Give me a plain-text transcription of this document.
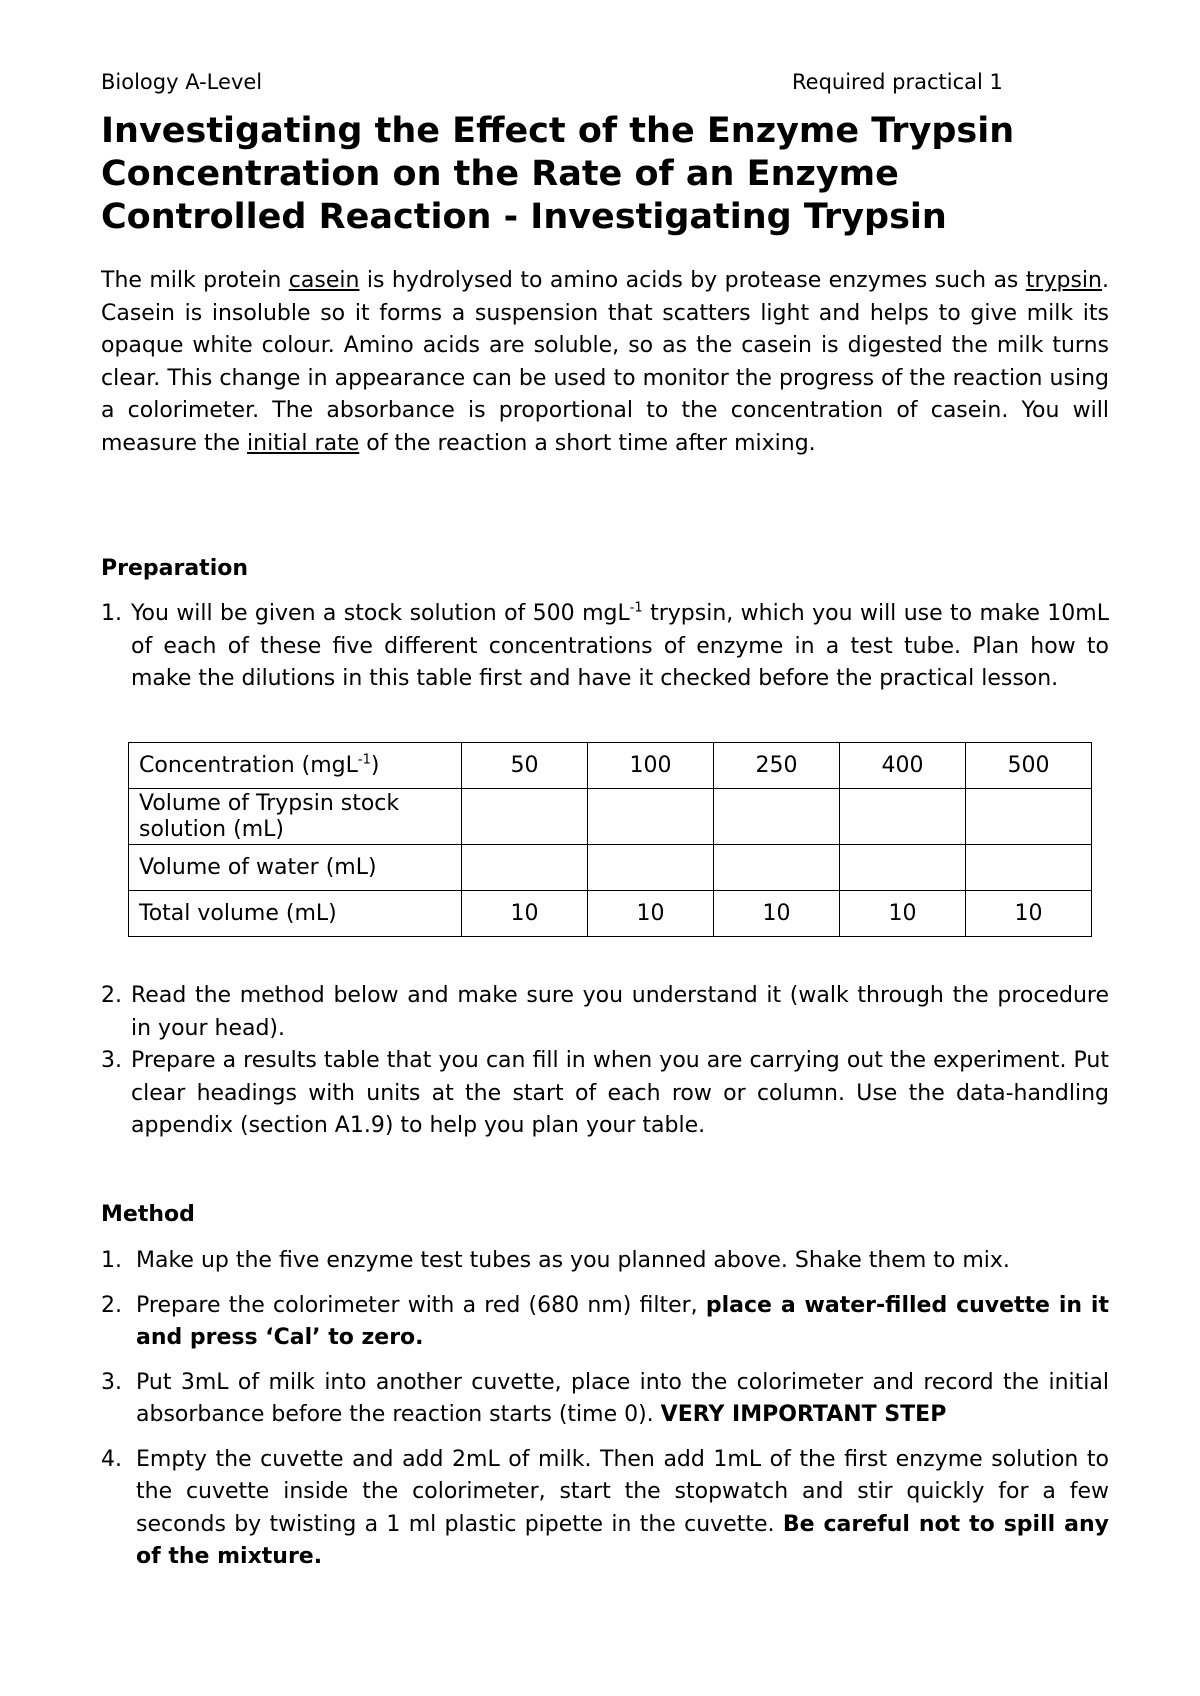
Biology A-Level	Required practical 1
Investigating the Effect of the Enzyme Trypsin Concentration on the Rate of an Enzyme Controlled Reaction - Investigating Trypsin

The milk protein casein is hydrolysed to amino acids by protease enzymes such as trypsin. Casein is insoluble so it forms a suspension that scatters light and helps to give milk its opaque white colour. Amino acids are soluble, so as the casein is digested the milk turns clear. This change in appearance can be used to monitor the progress of the reaction using a colorimeter. The absorbance is proportional to the concentration of casein. You will measure the initial rate of the reaction a short time after mixing.

Preparation
1. You will be given a stock solution of 500 mgL$^{-1}$ trypsin, which you will use to make 10mL of each of these five different concentrations of enzyme in a test tube. Plan how to make the dilutions in this table first and have it checked before the practical lesson.
Concentration (mgL$^{-1}$)	50	100	250	400	500
Volume of Trypsin stock solution (mL)					
Volume of water (mL)					
Total volume (mL)	10	10	10	10	10
2. Read the method below and make sure you understand it (walk through the procedure in your head).
3. Prepare a results table that you can fill in when you are carrying out the experiment. Put clear headings with units at the start of each row or column. Use the data-handling appendix (section A1.9) to help you plan your table.
Method
1. Make up the five enzyme test tubes as you planned above. Shake them to mix.
2. Prepare the colorimeter with a red (680 nm) filter, place a water-filled cuvette in it and press ‘Cal’ to zero.
3. Put 3mL of milk into another cuvette, place into the colorimeter and record the initial absorbance before the reaction starts (time 0). VERY IMPORTANT STEP
4. Empty the cuvette and add 2mL of milk. Then add 1mL of the first enzyme solution to the cuvette inside the colorimeter, start the stopwatch and stir quickly for a few seconds by twisting a 1 ml plastic pipette in the cuvette. Be careful not to spill any of the mixture.
